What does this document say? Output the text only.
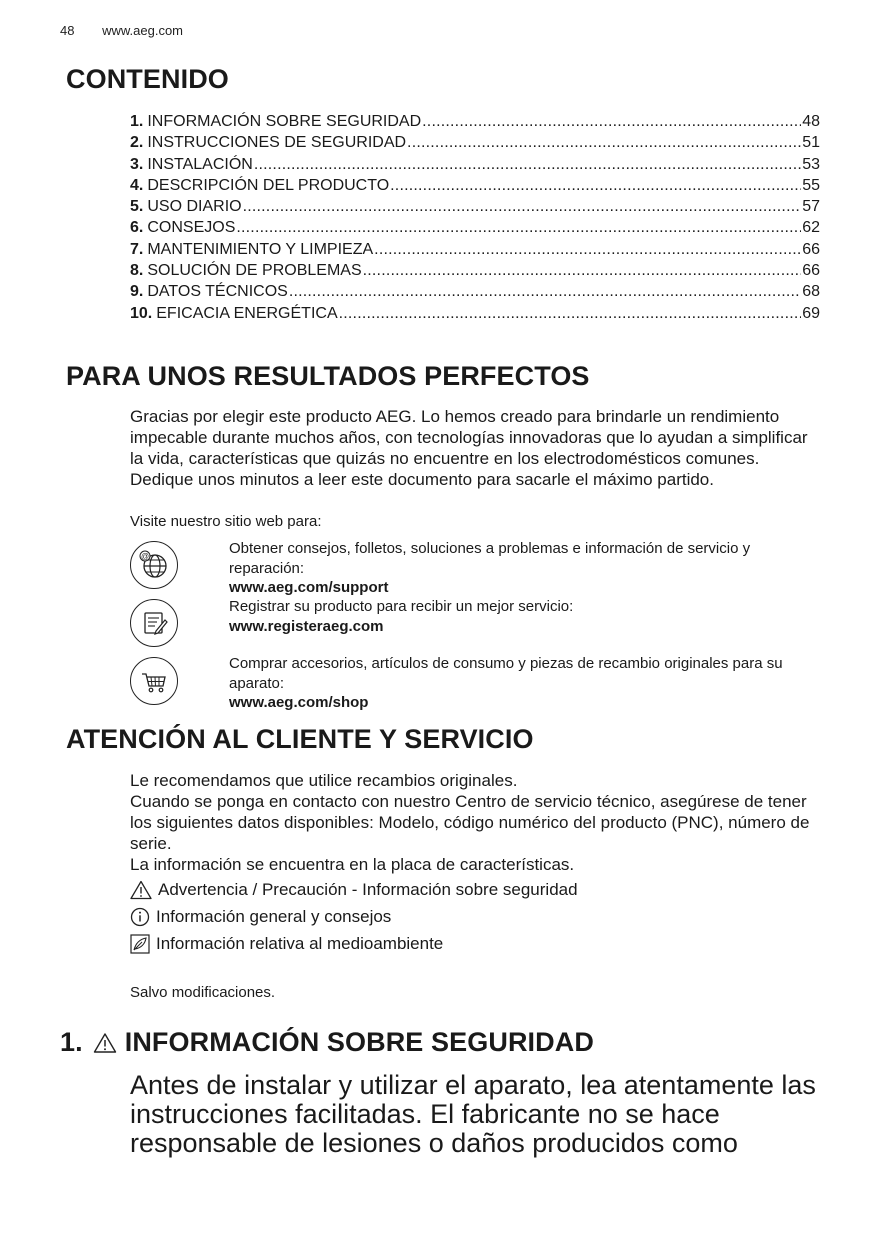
48 www.aeg.com
CONTENIDO
1. INFORMACIÓN SOBRE SEGURIDAD .....	48
2. INSTRUCCIONES DE SEGURIDAD .....	51
3. INSTALACIÓN .....	53
4. DESCRIPCIÓN DEL PRODUCTO .....	55
5. USO DIARIO .....	57
6. CONSEJOS .....	62
7. MANTENIMIENTO Y LIMPIEZA .....	66
8. SOLUCIÓN DE PROBLEMAS .....	66
9. DATOS TÉCNICOS .....	68
10. EFICACIA ENERGÉTICA .....	69
PARA UNOS RESULTADOS PERFECTOS

Gracias por elegir este producto AEG. Lo hemos creado para brindarle un rendimiento impecable durante muchos años, con tecnologías innovadoras que lo ayudan a simplificar la vida, características que quizás no encuentre en los electrodomésticos comunes. Dedique unos minutos a leer este documento para sacarle el máximo partido.

Visite nuestro sitio web para:
@	Obtener consejos, folletos, soluciones a problemas e información de servicio y reparación:
www.aeg.com/support
Registrar su producto para recibir un mejor servicio:
www.registeraeg.com
Comprar accesorios, artículos de consumo y piezas de recambio originales para su aparato:
www.aeg.com/shop
ATENCIÓN AL CLIENTE Y SERVICIO
Le recomendamos que utilice recambios originales.
Cuando se ponga en contacto con nuestro Centro de servicio técnico, asegúrese de tener los siguientes datos disponibles: Modelo, código numérico del producto (PNC), número de serie.
La información se encuentra en la placa de características.
Advertencia / Precaución - Información sobre seguridad
Información general y consejos
Información relativa al medioambiente
Salvo modificaciones.
1. INFORMACIÓN SOBRE SEGURIDAD

Antes de instalar y utilizar el aparato, lea atentamente las instrucciones facilitadas. El fabricante no se hace responsable de lesiones o daños producidos como
